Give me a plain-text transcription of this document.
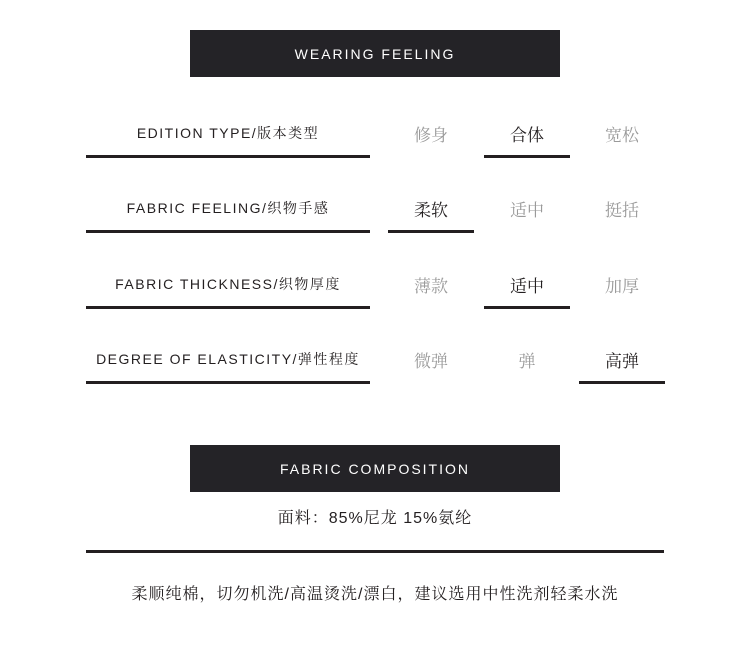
WEARING FEELING
EDITION TYPE/版本类型	修身	合体	宽松
FABRIC FEELING/织物手感	柔软	适中	挺括
FABRIC THICKNESS/织物厚度	薄款	适中	加厚
DEGREE OF ELASTICITY/弹性程度	微弹	弹	高弹
FABRIC COMPOSITION
面料：85%尼龙 15%氨纶
柔顺纯棉，切勿机洗/高温烫洗/漂白，建议选用中性洗剂轻柔水洗
